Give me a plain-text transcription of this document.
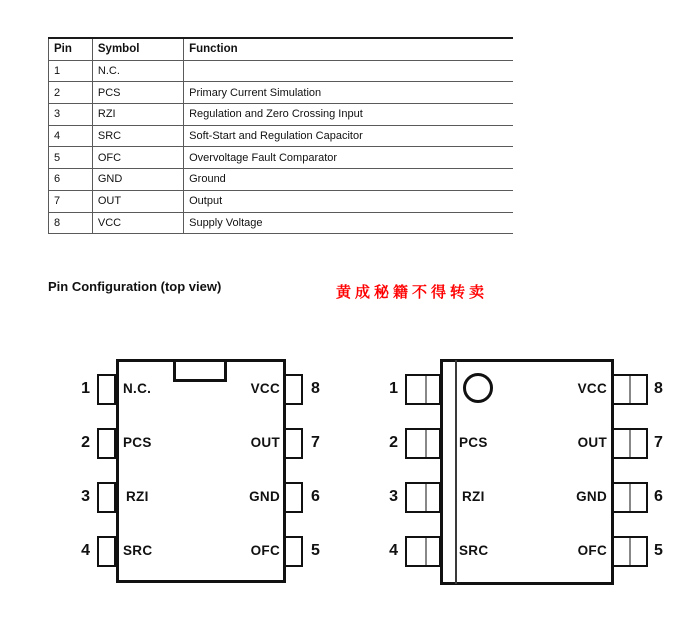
Pin	Symbol	Function
1	N.C.	
2	PCS	Primary Current Simulation
3	RZI	Regulation and Zero Crossing Input
4	SRC	Soft-Start and Regulation Capacitor
5	OFC	Overvoltage Fault Comparator
6	GND	Ground
7	OUT	Output
8	VCC	Supply Voltage
Pin Configuration (top view)	黄成秘籍不得转卖
1
2
3
4
N.C.
PCS
RZI
SRC
8
7
6
5
VCC
OUT
GND
OFC
1
2
3
4
PCS
RZI
SRC
8
7
6
5
VCC
OUT
GND
OFC
